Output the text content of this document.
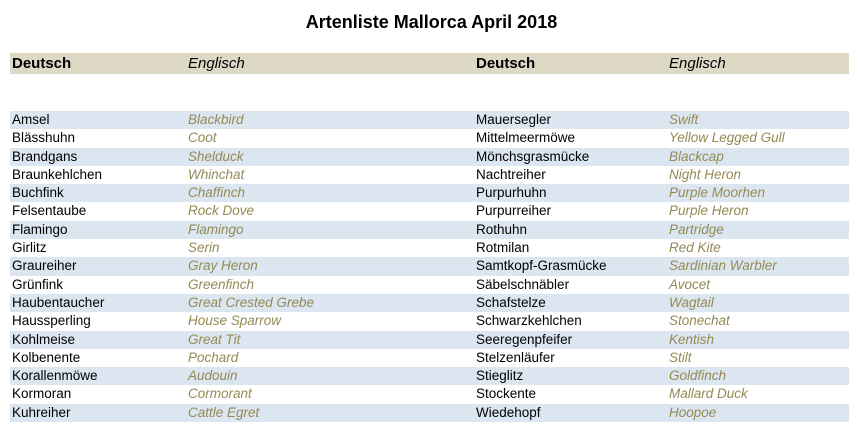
Artenliste Mallorca April 2018
Deutsch	Englisch	Deutsch	Englisch
Amsel	Blackbird	Mauersegler	Swift
Blässhuhn	Coot	Mittelmeermöwe	Yellow Legged Gull
Brandgans	Shelduck	Mönchsgrasmücke	Blackcap
Braunkehlchen	Whinchat	Nachtreiher	Night Heron
Buchfink	Chaffinch	Purpurhuhn	Purple Moorhen
Felsentaube	Rock Dove	Purpurreiher	Purple Heron
Flamingo	Flamingo	Rothuhn	Partridge
Girlitz	Serin	Rotmilan	Red Kite
Graureiher	Gray Heron	Samtkopf-Grasmücke	Sardinian Warbler
Grünfink	Greenfinch	Säbelschnäbler	Avocet
Haubentaucher	Great Crested Grebe	Schafstelze	Wagtail
Haussperling	House Sparrow	Schwarzkehlchen	Stonechat
Kohlmeise	Great Tit	Seeregenpfeifer	Kentish
Kolbenente	Pochard	Stelzenläufer	Stilt
Korallenmöwe	Audouin	Stieglitz	Goldfinch
Kormoran	Cormorant	Stockente	Mallard Duck
Kuhreiher	Cattle Egret	Wiedehopf	Hoopoe
